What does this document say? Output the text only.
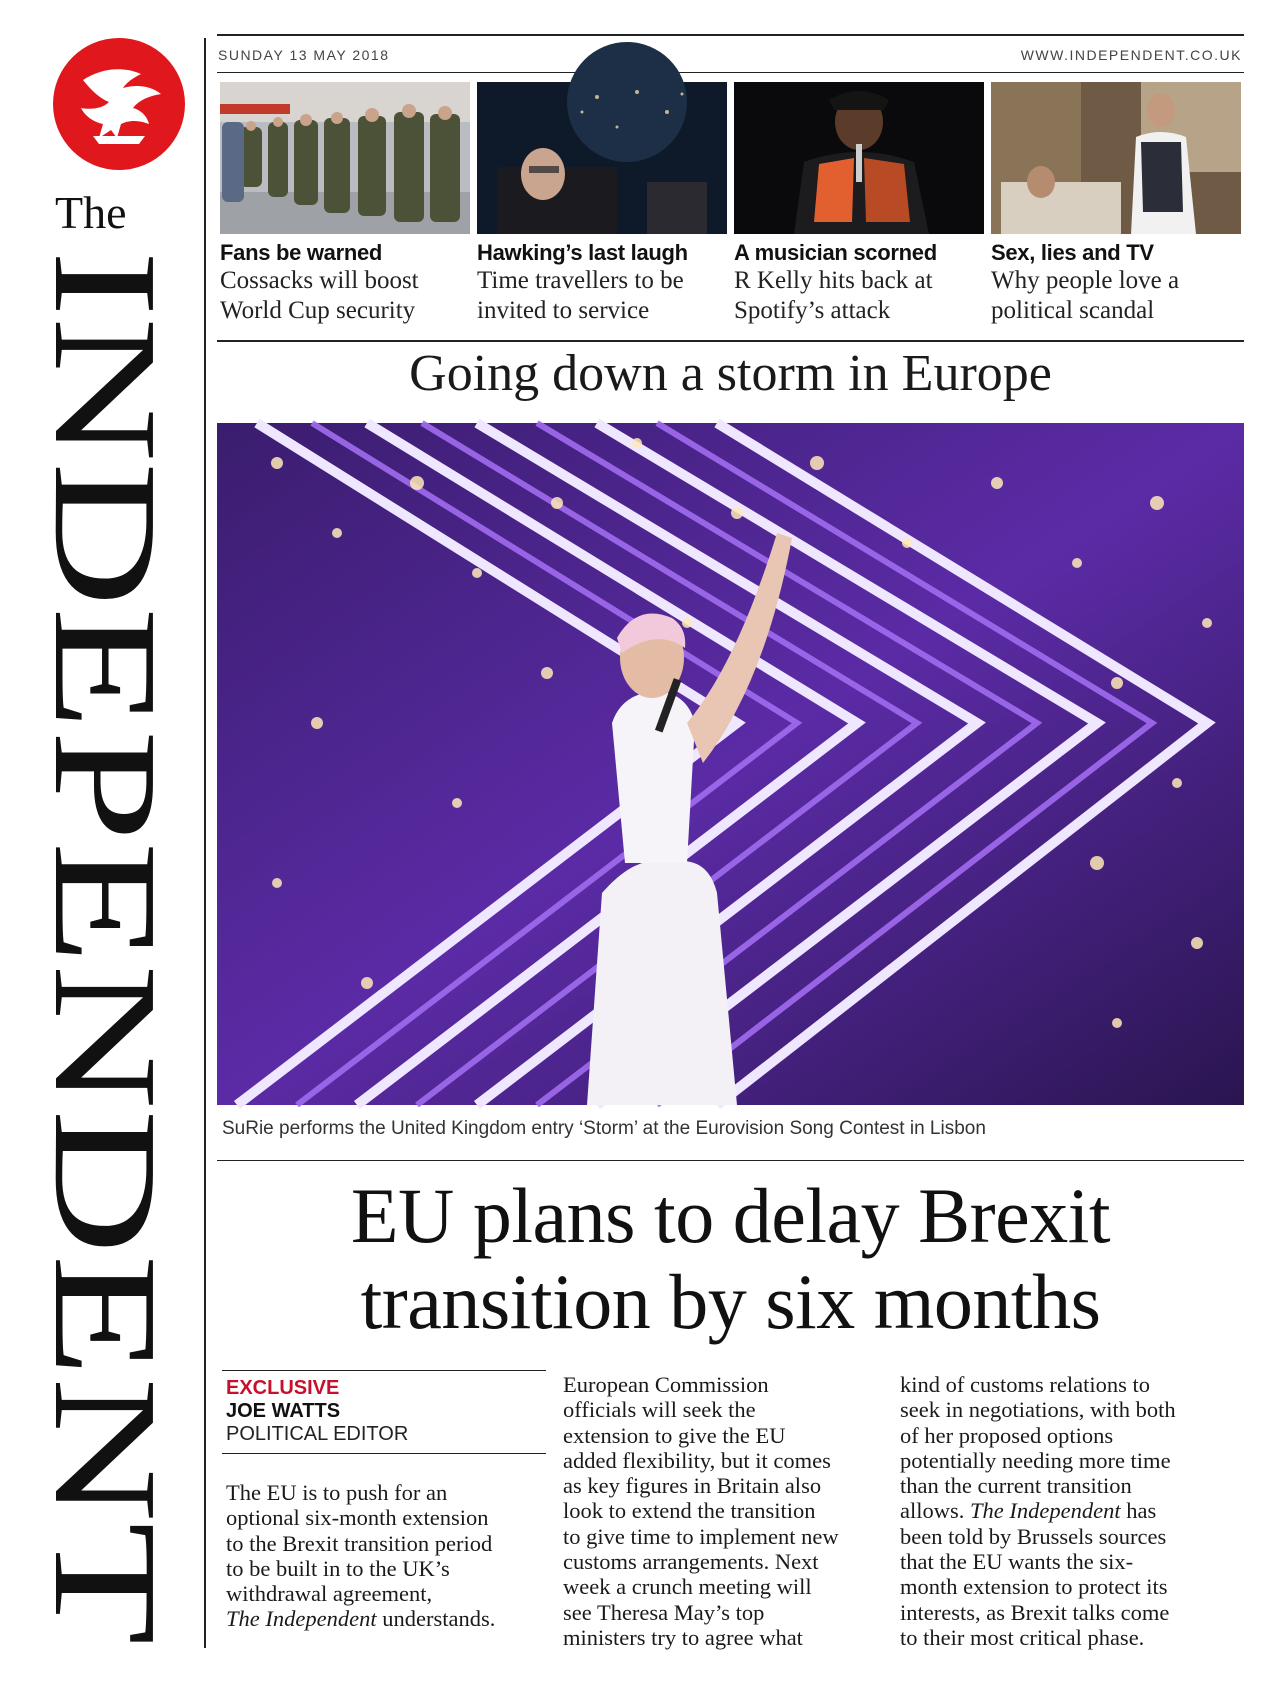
The
INDEPENDENT
SUNDAY 13 MAY 2018	WWW.INDEPENDENT.CO.UK
Fans be warned
Cossacks will boost
World Cup security
Hawking’s last laugh
Time travellers to be
invited to service
A musician scorned
R Kelly hits back at
Spotify’s attack
Sex, lies and TV
Why people love a
political scandal
Going down a storm in Europe
SuRie performs the United Kingdom entry ‘Storm’ at the Eurovision Song Contest in Lisbon
EU plans to delay Brexit
transition by six months
EXCLUSIVE
JOE WATTS
POLITICAL EDITOR

The EU is to push for an

optional six-month extension

to the Brexit transition period

to be built in to the UK’s

withdrawal agreement,

The Independent understands.

European Commission

officials will seek the

extension to give the EU

added flexibility, but it comes

as key figures in Britain also

look to extend the transition

to give time to implement new

customs arrangements. Next

week a crunch meeting will

see Theresa May’s top

ministers try to agree what

kind of customs relations to

seek in negotiations, with both

of her proposed options

potentially needing more time

than the current transition

allows. The Independent has

been told by Brussels sources

that the EU wants the six-

month extension to protect its

interests, as Brexit talks come

to their most critical phase.
